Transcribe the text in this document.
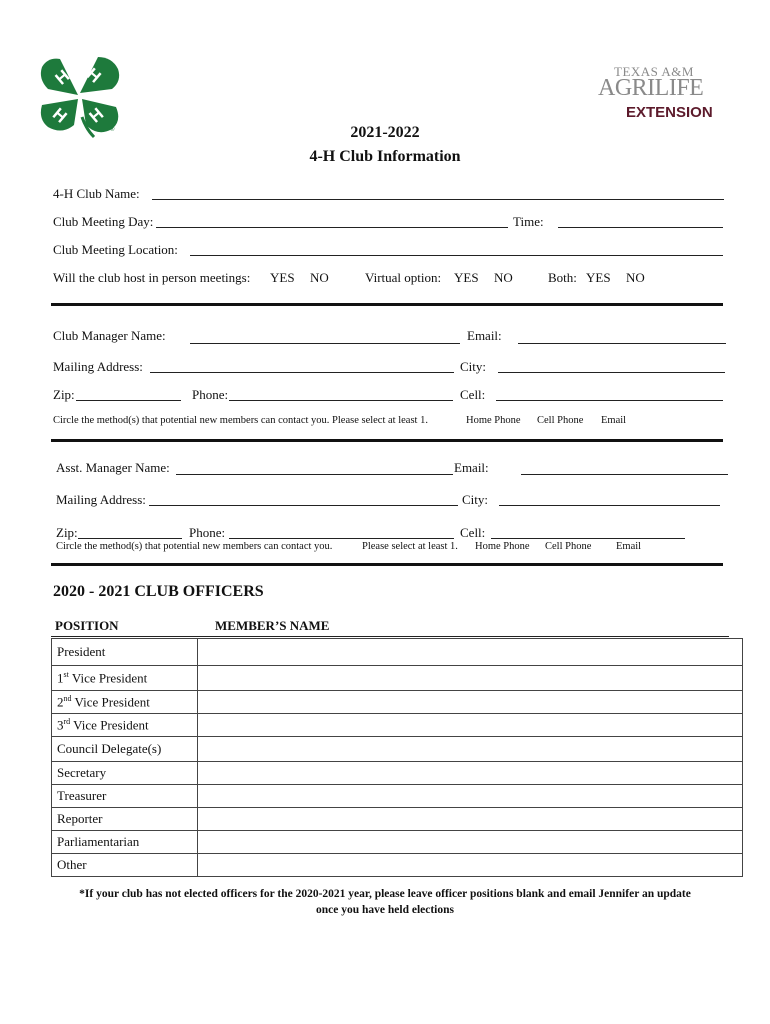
H H
H H
®
TEXAS A&M
AGRILIFE
EXTENSION
2021-2022
4-H Club Information
4-H Club Name:
Club Meeting Day:	Time:
Club Meeting Location:
Will the club host in person meetings: YES NO	Virtual option: YES NO	Both: YES NO
Club Manager Name:	Email:
Mailing Address:	City:
Zip:	Phone:	Cell:
Circle the method(s) that potential new members can contact you. Please select at least 1.	Home Phone Cell Phone Email
Asst. Manager Name:	Email:
Mailing Address:	City:
Zip:	Phone:	Cell:
Circle the method(s) that potential new members can contact you.	Please select at least 1. Home Phone Cell Phone Email
2020 - 2021 CLUB OFFICERS
POSITION	MEMBER’S NAME
President	
1st Vice President	
2nd Vice President	
3rd Vice President	
Council Delegate(s)	
Secretary	
Treasurer	
Reporter	
Parliamentarian	
Other	
*If your club has not elected officers for the 2020-2021 year, please leave officer positions blank and email Jennifer an update
once you have held elections
